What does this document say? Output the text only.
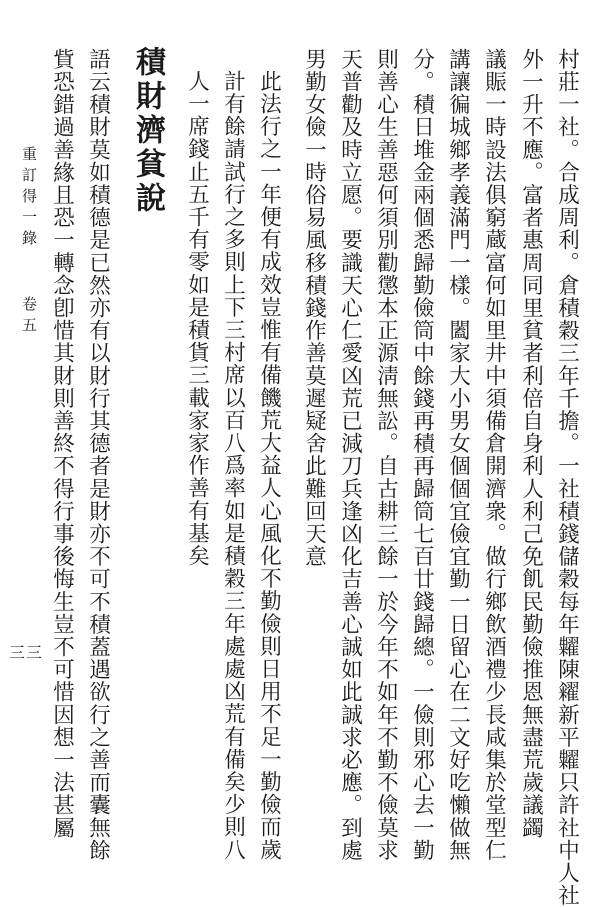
重訂得一錄
卷五
三三	村莊一社。合成周利。倉積穀三年千擔。一社積錢儲穀每年糶陳糴新平糶只許社中人社
外一升不應。富者惠周同里貧者利倍自身利人利己免飢民勤儉推恩無盡荒歲議蠲
議賑一時設法俱窮蔵富何如里井中須備倉開濟衆。做行鄉飲酒禮少長咸集於堂型仁
講讓徧城鄉孝義滿門一樣。闔家大小男女個個宜儉宜勤一日留心在二文好吃懶做無
分。積日堆金兩個悉歸勤儉筒中餘錢再積再歸筒七百廿錢歸總。一儉則邪心去一勤
則善心生善惡何須別勸懲本正源淸無訟。自古耕三餘一於今年不如年不勤不儉莫求
天普勸及時立愿。要識天心仁愛凶荒已減刀兵逢凶化吉善心誠如此誠求必應。到處
男勤女儉一時俗易風移積錢作善莫遲疑舍此難回天意
此法行之一年便有成效豈惟有備饑荒大益人心風化不勤儉則日用不足一勤儉而歲
計有餘請試行之多則上下三村席以百八爲率如是積穀三年處處凶荒有備矣少則八
人一席錢止五千有零如是積貨三載家家作善有基矣
積財濟貧說
語云積財莫如積德是已然亦有以財行其德者是財亦不可不積蓋遇欲行之善而囊無餘
貲恐錯過善緣且恐一轉念卽惜其財則善終不得行事後悔生豈不可惜因想一法甚屬
